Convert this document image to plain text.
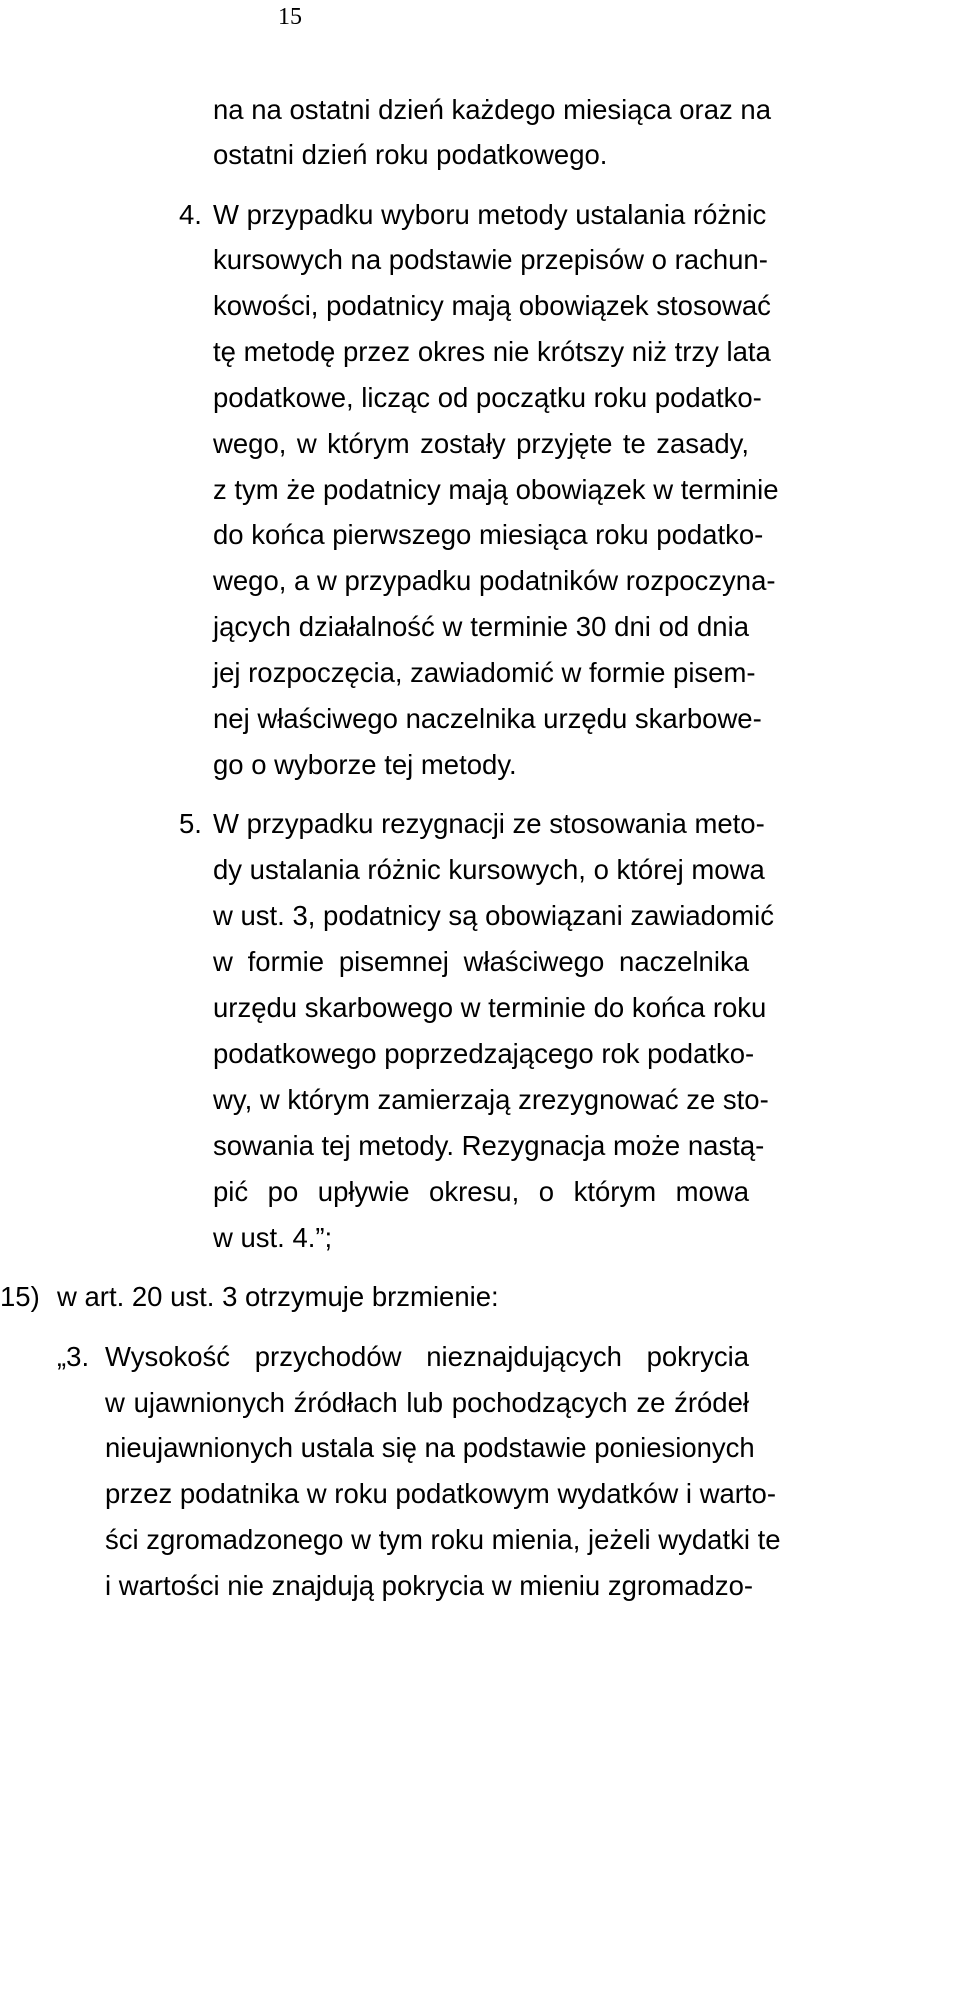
15
na na ostatni dzień każdego miesiąca oraz na
ostatni dzień roku podatkowego.
4. W przypadku wyboru metody ustalania różnic
kursowych na podstawie przepisów o rachun-
kowości, podatnicy mają obowiązek stosować
tę metodę przez okres nie krótszy niż trzy lata
podatkowe, licząc od początku roku podatko-
wego, w którym zostały przyjęte te zasady,
z tym że podatnicy mają obowiązek w terminie
do końca pierwszego miesiąca roku podatko-
wego, a w przypadku podatników rozpoczyna-
jących działalność w terminie 30 dni od dnia
jej rozpoczęcia, zawiadomić w formie pisem-
nej właściwego naczelnika urzędu skarbowe-
go o wyborze tej metody.
5. W przypadku rezygnacji ze stosowania meto-
dy ustalania różnic kursowych, o której mowa
w ust. 3, podatnicy są obowiązani zawiadomić
w formie pisemnej właściwego naczelnika
urzędu skarbowego w terminie do końca roku
podatkowego poprzedzającego rok podatko-
wy, w którym zamierzają zrezygnować ze sto-
sowania tej metody. Rezygnacja może nastą-
pić po upływie okresu, o którym mowa
w ust. 4.”;
15) w art. 20 ust. 3 otrzymuje brzmienie:
„3. Wysokość przychodów nieznajdujących pokrycia
w ujawnionych źródłach lub pochodzących ze źródeł
nieujawnionych ustala się na podstawie poniesionych
przez podatnika w roku podatkowym wydatków i warto-
ści zgromadzonego w tym roku mienia, jeżeli wydatki te
i wartości nie znajdują pokrycia w mieniu zgromadzo-
